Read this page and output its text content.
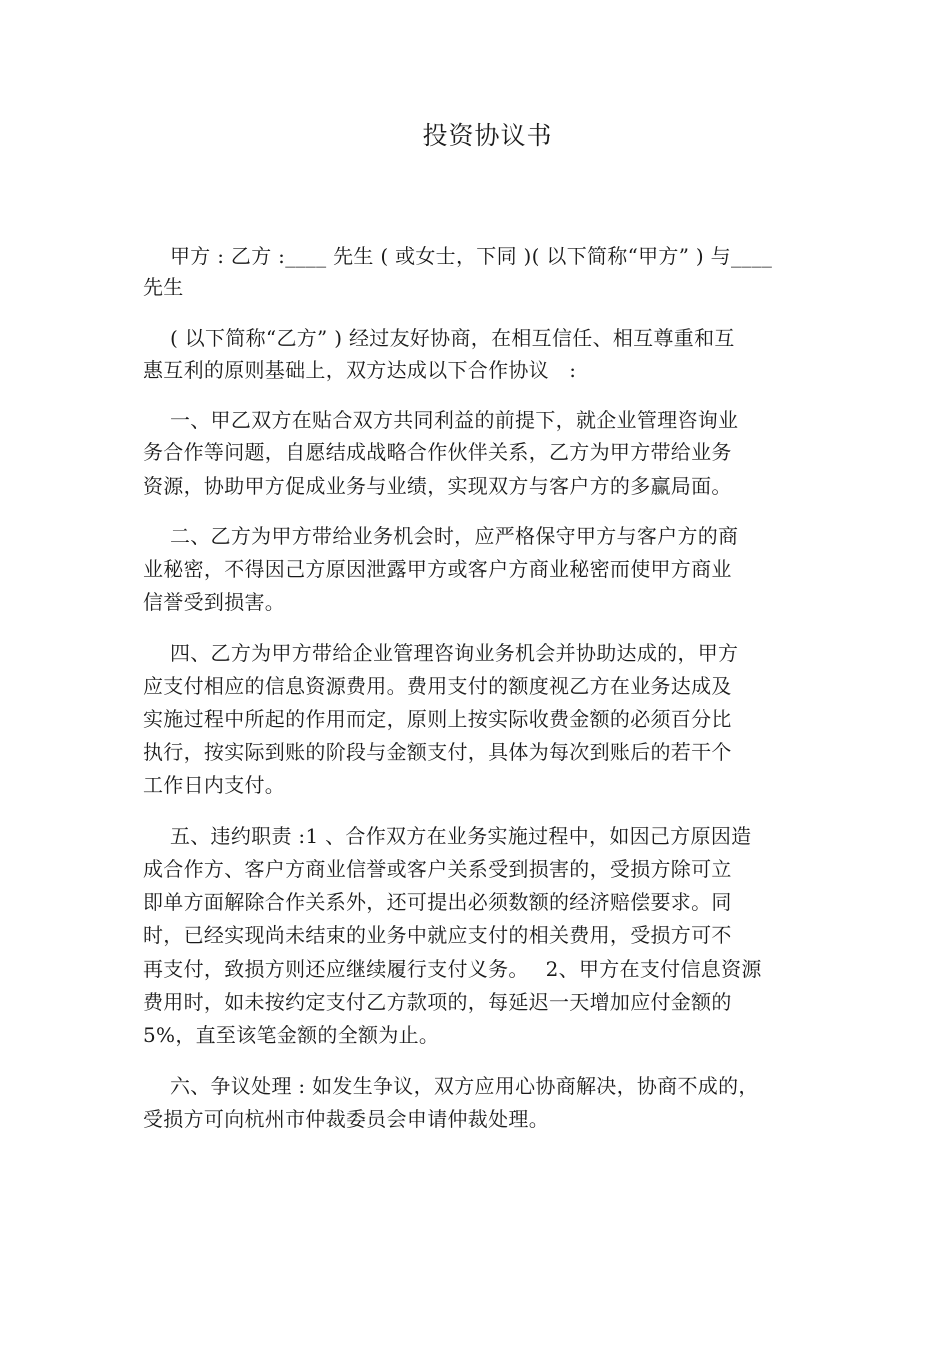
投资协议书
　 甲方 : 乙方 :____ 先生 ( 或女士，下同 )( 以下简称“甲方” ) 与____
先生
　 ( 以下简称“乙方” ) 经过友好协商，在相互信任、相互尊重和互
惠互利的原则基础上，双方达成以下合作协议　:
　 一、甲乙双方在贴合双方共同利益的前提下，就企业管理咨询业
务合作等问题，自愿结成战略合作伙伴关系，乙方为甲方带给业务
资源，协助甲方促成业务与业绩，实现双方与客户方的多赢局面。
　 二、乙方为甲方带给业务机会时，应严格保守甲方与客户方的商
业秘密，不得因己方原因泄露甲方或客户方商业秘密而使甲方商业
信誉受到损害。
　 四、乙方为甲方带给企业管理咨询业务机会并协助达成的，甲方
应支付相应的信息资源费用。费用支付的额度视乙方在业务达成及
实施过程中所起的作用而定，原则上按实际收费金额的必须百分比
执行，按实际到账的阶段与金额支付，具体为每次到账后的若干个
工作日内支付。
　 五、违约职责 :1 、合作双方在业务实施过程中，如因己方原因造
成合作方、客户方商业信誉或客户关系受到损害的，受损方除可立
即单方面解除合作关系外，还可提出必须数额的经济赔偿要求。同
时，已经实现尚未结束的业务中就应支付的相关费用，受损方可不
再支付，致损方则还应继续履行支付义务。　 2、甲方在支付信息资源
费用时，如未按约定支付乙方款项的，每延迟一天增加应付金额的
5%，直至该笔金额的全额为止。
　 六、争议处理 : 如发生争议，双方应用心协商解决，协商不成的，
受损方可向杭州市仲裁委员会申请仲裁处理。
